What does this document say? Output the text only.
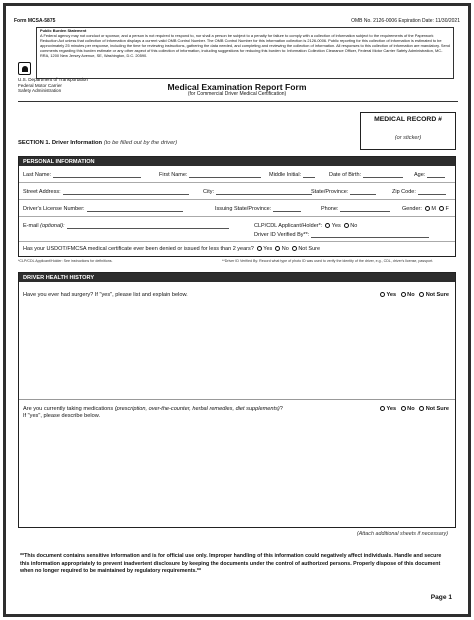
Form MCSA-5875	OMB No. 2126-0006 Expiration Date: 11/30/2021
Public Burden Statement
A Federal agency may not conduct or sponsor, and a person is not required to respond to, nor shall a person be subject to a penalty for failure to comply with a collection of information subject to the requirements of the Paperwork Reduction Act unless that collection of information displays a current valid OMB Control Number. The OMB Control Number for this information collection is 2126-0006. Public reporting for this collection of information is estimated to be approximately 25 minutes per response, including the time for reviewing instructions, gathering the data needed, and completing and reviewing the collection of information. All responses to this collection of information are mandatory. Send comments regarding this burden estimate or any other aspect of this collection of information, including suggestions for reducing this burden to: Information Collection Clearance Officer, Federal Motor Carrier Safety Administration, MC-RRA, 1200 New Jersey Avenue, SE, Washington, D.C. 20590.
U.S. Department of Transportation
Federal Motor Carrier
Safety Administration	Medical Examination Report Form
(for Commercial Driver Medical Certification)
MEDICAL RECORD #
(or sticker)
SECTION 1. Driver Information (to be filled out by the driver)
PERSONAL INFORMATION
Last Name:	First Name:	Middle Initial:	Date of Birth:	Age:
Street Address:	City:	State/Province:	Zip Code:
Driver's License Number:	Issuing State/Province:	Phone:	Gender: M F
E-mail (optional):	CLP/CDL Applicant/Holder*: Yes No
Driver ID Verified By**:
Has your USDOT/FMCSA medical certificate ever been denied or issued for less than 2 years? Yes No Not Sure
*CLP/CDL Applicant/Holder: See instructions for definitions.	**Driver ID Verified By: Record what type of photo ID was used to verify the identity of the driver, e.g., CDL, driver's license, passport.
DRIVER HEALTH HISTORY
Have you ever had surgery? If "yes", please list and explain below.	Yes No Not Sure
Are you currently taking medications (prescription, over-the-counter, herbal remedies, diet supplements)?
If "yes", please describe below.
Yes No Not Sure
(Attach additional sheets if necessary)
**This document contains sensitive information and is for official use only. Improper handling of this information could negatively affect individuals. Handle and secure this information appropriately to prevent inadvertent disclosure by keeping the documents under the control of authorized persons. Properly dispose of this document when no longer required to be maintained by regulatory requirements.**
Page 1
